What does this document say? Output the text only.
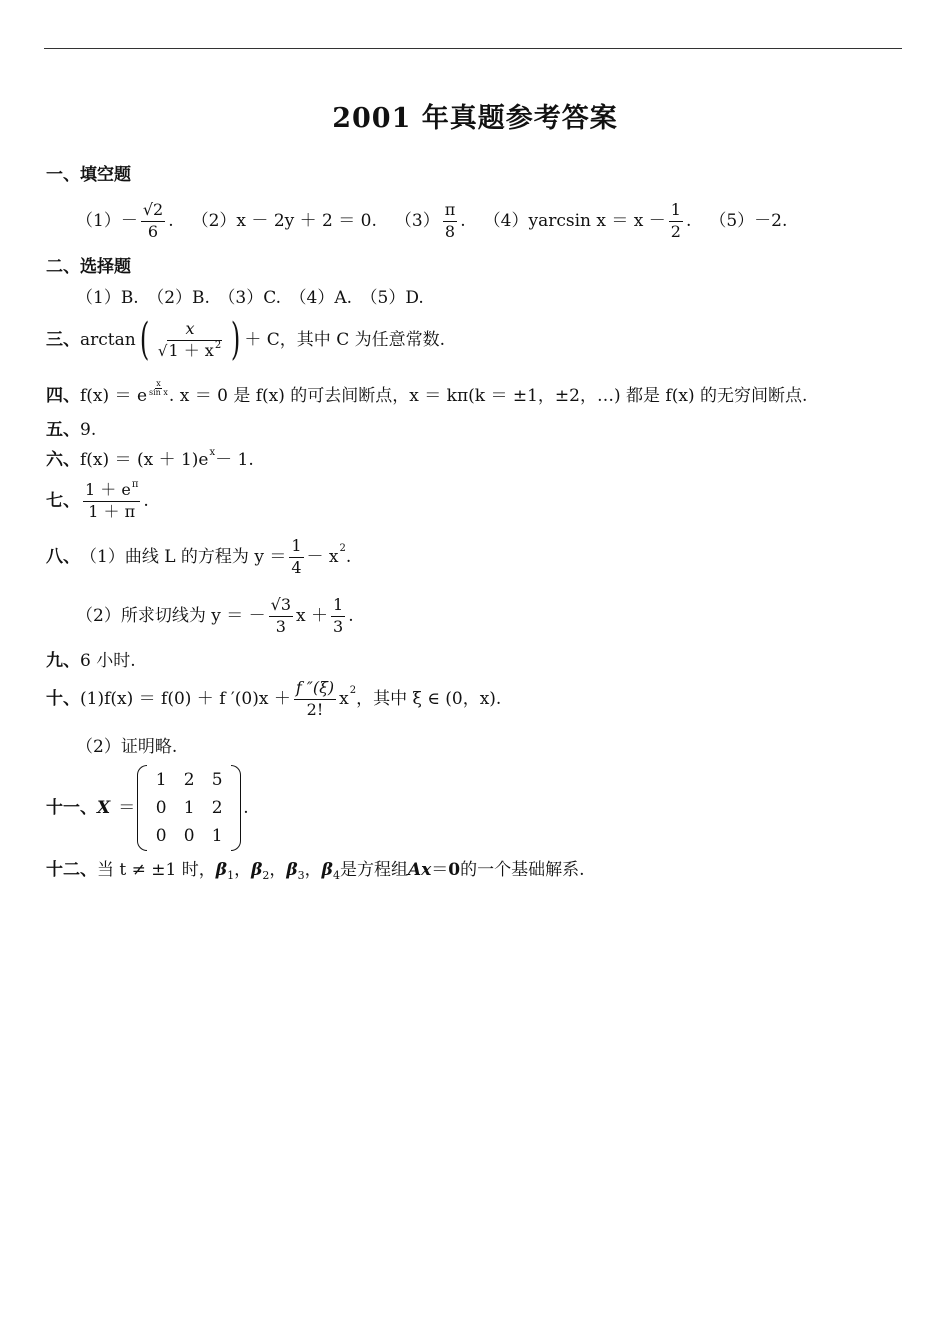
2001 年真题参考答案
一、填空题
$(1) - \frac{√2}{6}$ . （2）x － 2y ＋ 2 ＝ 0. $(3) \frac{\pi}{8}$ . （4）yarcsin $x = x - \frac{1}{2}$ . （5）－2.
二、选择题
（1）B.　（2）B.　（3）C.　（4）A.　（5）D.
三、 arctan ( $\frac{x}{√1 + x^2}$ ) ＋ C，其中 C 为任意常数.
四、 f(x) ＝ e $\frac{x}{\text{sin x}}$ . x ＝ 0 是 f(x) 的可去间断点，x ＝ kπ(k ＝ ±1，±2，…) 都是 f(x) 的无穷间断点.
五、 9.
六、 f(x) ＝ (x ＋ 1)e x － 1.
七、 $\frac{1 + e^\pi}{1 + \pi}$ .
八、 （1）曲线 L 的方程为 $y = \frac{1}{4} - x$ 2 .
（2）所求切线为 y ＝ － $\frac{√3}{3}$ $x + \frac{1}{3}$ .
九、 6 小时.
十、 (1)f(x) ＝ f(0) ＋ f $'(0)x + \frac{f ''(\xi)}{2!}$ x 2 ，其中 ξ ∈ (0，x).
（2）证明略.
十一、 X ＝
1	2	5
0	1	2
0	0	1
.
十二、 当 t ≠ ±1 时， β 1 ， β 2 ， β 3 ， β 4 是方程组 Ax ＝ 0 的一个基础解系.
